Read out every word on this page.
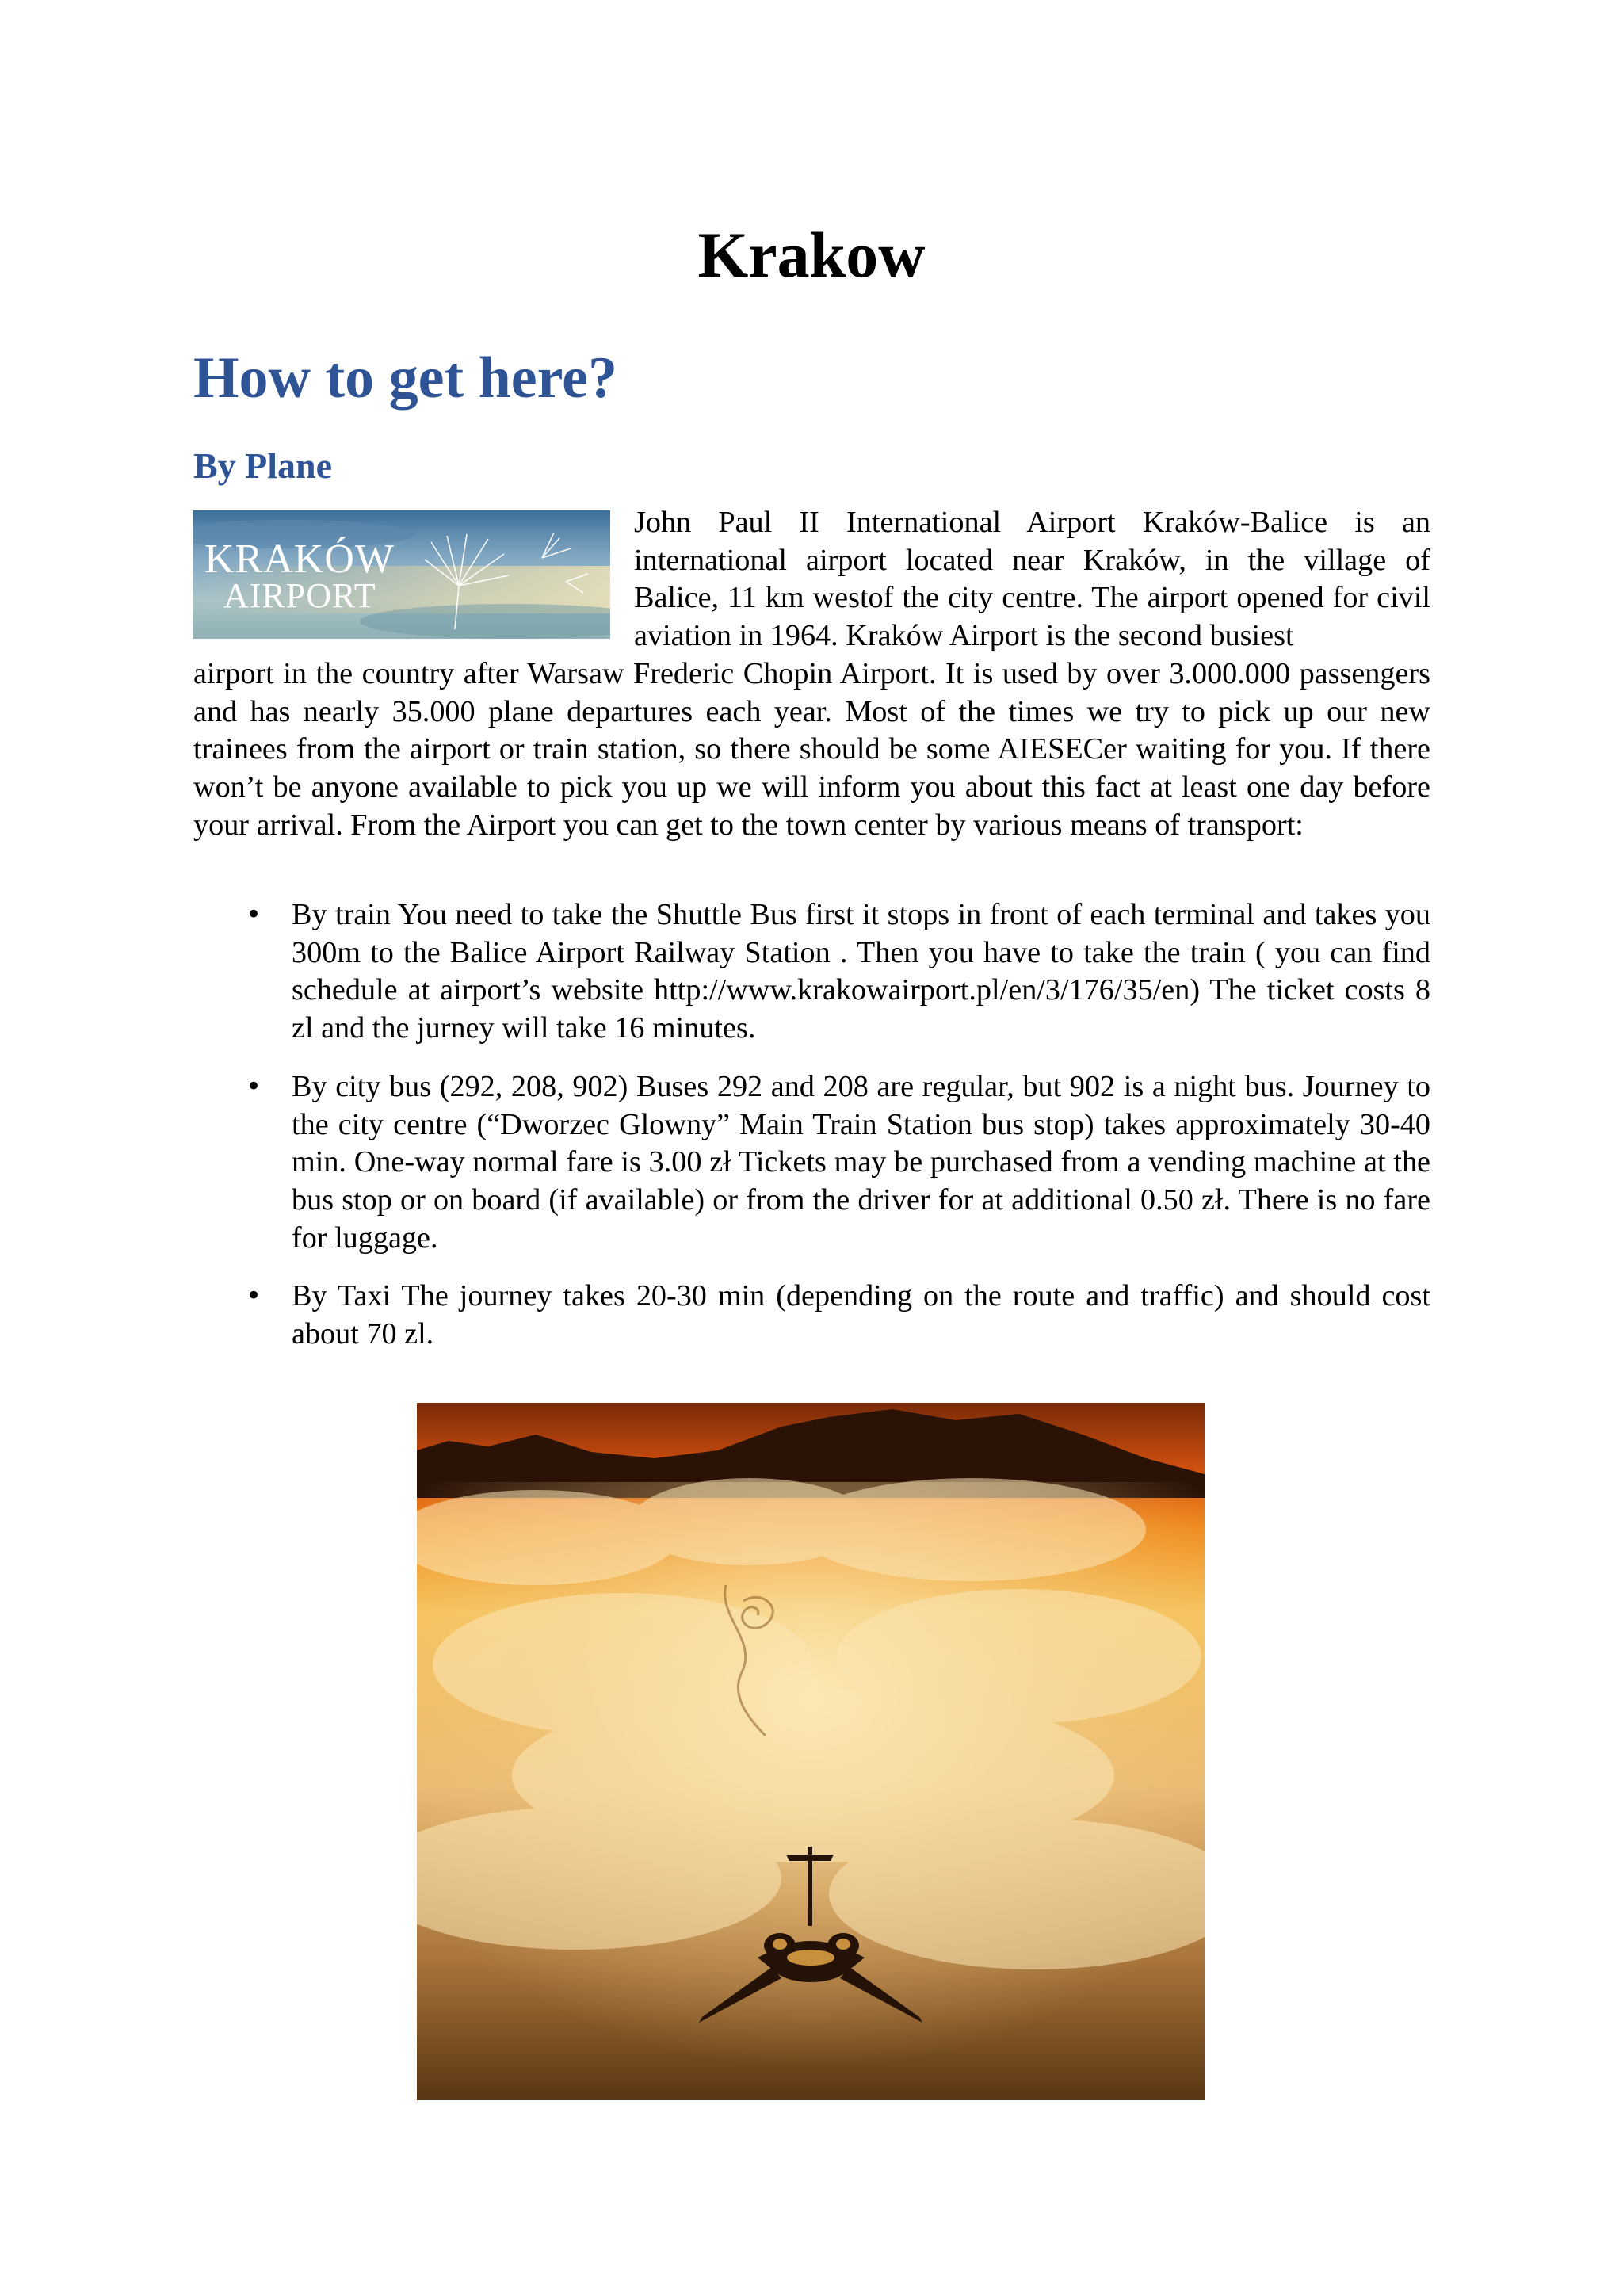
Krakow
How to get here?
By Plane
KRAKÓW
AIRPORT

John Paul II International Airport Kraków-Balice is an international airport located near Kraków, in the village of Balice, 11 km westof the city centre. The airport opened for civil aviation in 1964. Kraków Airport is the second busiest

airport in the country after Warsaw Frederic Chopin Airport. It is used by over 3.000.000 passengers and has nearly 35.000 plane departures each year. Most of the times we try to pick up our new trainees from the airport or train station, so there should be some AIESECer waiting for you. If there won’t be anyone available to pick you up we will inform you about this fact at least one day before your arrival. From the Airport you can get to the town center by various means of transport:

• By train You need to take the Shuttle Bus first it stops in front of each terminal and takes you 300m to the Balice Airport Railway Station . Then you have to take the train ( you can find schedule at airport’s website http://www.krakowairport.pl/en/3/176/35/en) The ticket costs 8 zl and the jurney will take 16 minutes.
• By city bus (292, 208, 902) Buses 292 and 208 are regular, but 902 is a night bus. Journey to the city centre (“Dworzec Glowny” Main Train Station bus stop) takes approximately 30-40 min. One-way normal fare is 3.00 zł Tickets may be purchased from a vending machine at the bus stop or on board (if available) or from the driver for at additional 0.50 zł. There is no fare for luggage.
• By Taxi The journey takes 20-30 min (depending on the route and traffic) and should cost about 70 zl.
